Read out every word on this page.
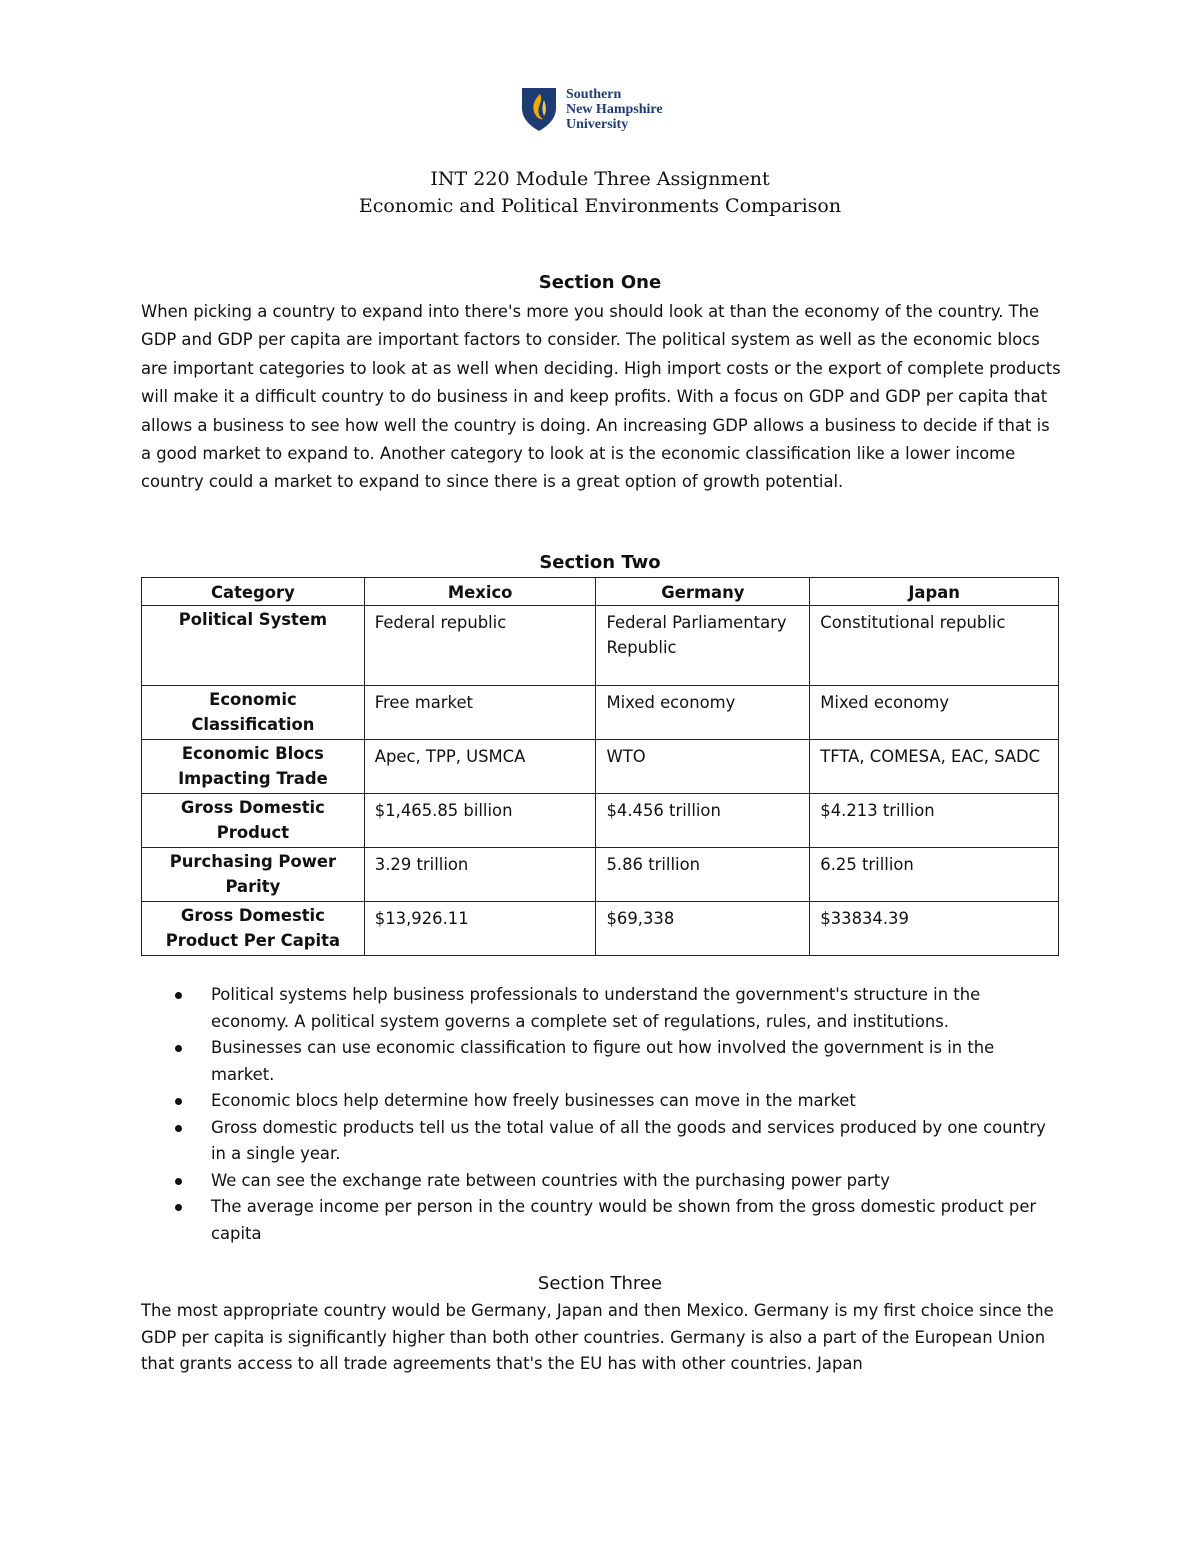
Southern
New Hampshire
University
INT 220 Module Three Assignment
Economic and Political Environments Comparison
Section One
When picking a country to expand into there's more you should look at than the economy of the country. The GDP and GDP per capita are important factors to consider. The political system as well as the economic blocs are important categories to look at as well when deciding. High import costs or the export of complete products will make it a difficult country to do business in and keep profits. With a focus on GDP and GDP per capita that allows a business to see how well the country is doing. An increasing GDP allows a business to decide if that is a good market to expand to. Another category to look at is the economic classification like a lower income country could a market to expand to since there is a great option of growth potential.
Section Two
Category	Mexico	Germany	Japan
Political System	Federal republic	Federal Parliamentary Republic	Constitutional republic
Economic Classification	Free market	Mixed economy	Mixed economy
Economic Blocs Impacting Trade	Apec, TPP, USMCA	WTO	TFTA, COMESA, EAC, SADC
Gross Domestic Product	$1,465.85 billion	$4.456 trillion	$4.213 trillion
Purchasing Power Parity	3.29 trillion	5.86 trillion	6.25 trillion
Gross Domestic Product Per Capita	$13,926.11	$69,338	$33834.39
Political systems help business professionals to understand the government's structure in the economy. A political system governs a complete set of regulations, rules, and institutions.
Businesses can use economic classification to figure out how involved the government is in the market.
Economic blocs help determine how freely businesses can move in the market
Gross domestic products tell us the total value of all the goods and services produced by one country in a single year.
We can see the exchange rate between countries with the purchasing power party
The average income per person in the country would be shown from the gross domestic product per capita
Section Three
The most appropriate country would be Germany, Japan and then Mexico. Germany is my first choice since the GDP per capita is significantly higher than both other countries. Germany is also a part of the European Union that grants access to all trade agreements that's the EU has with other countries. Japan
